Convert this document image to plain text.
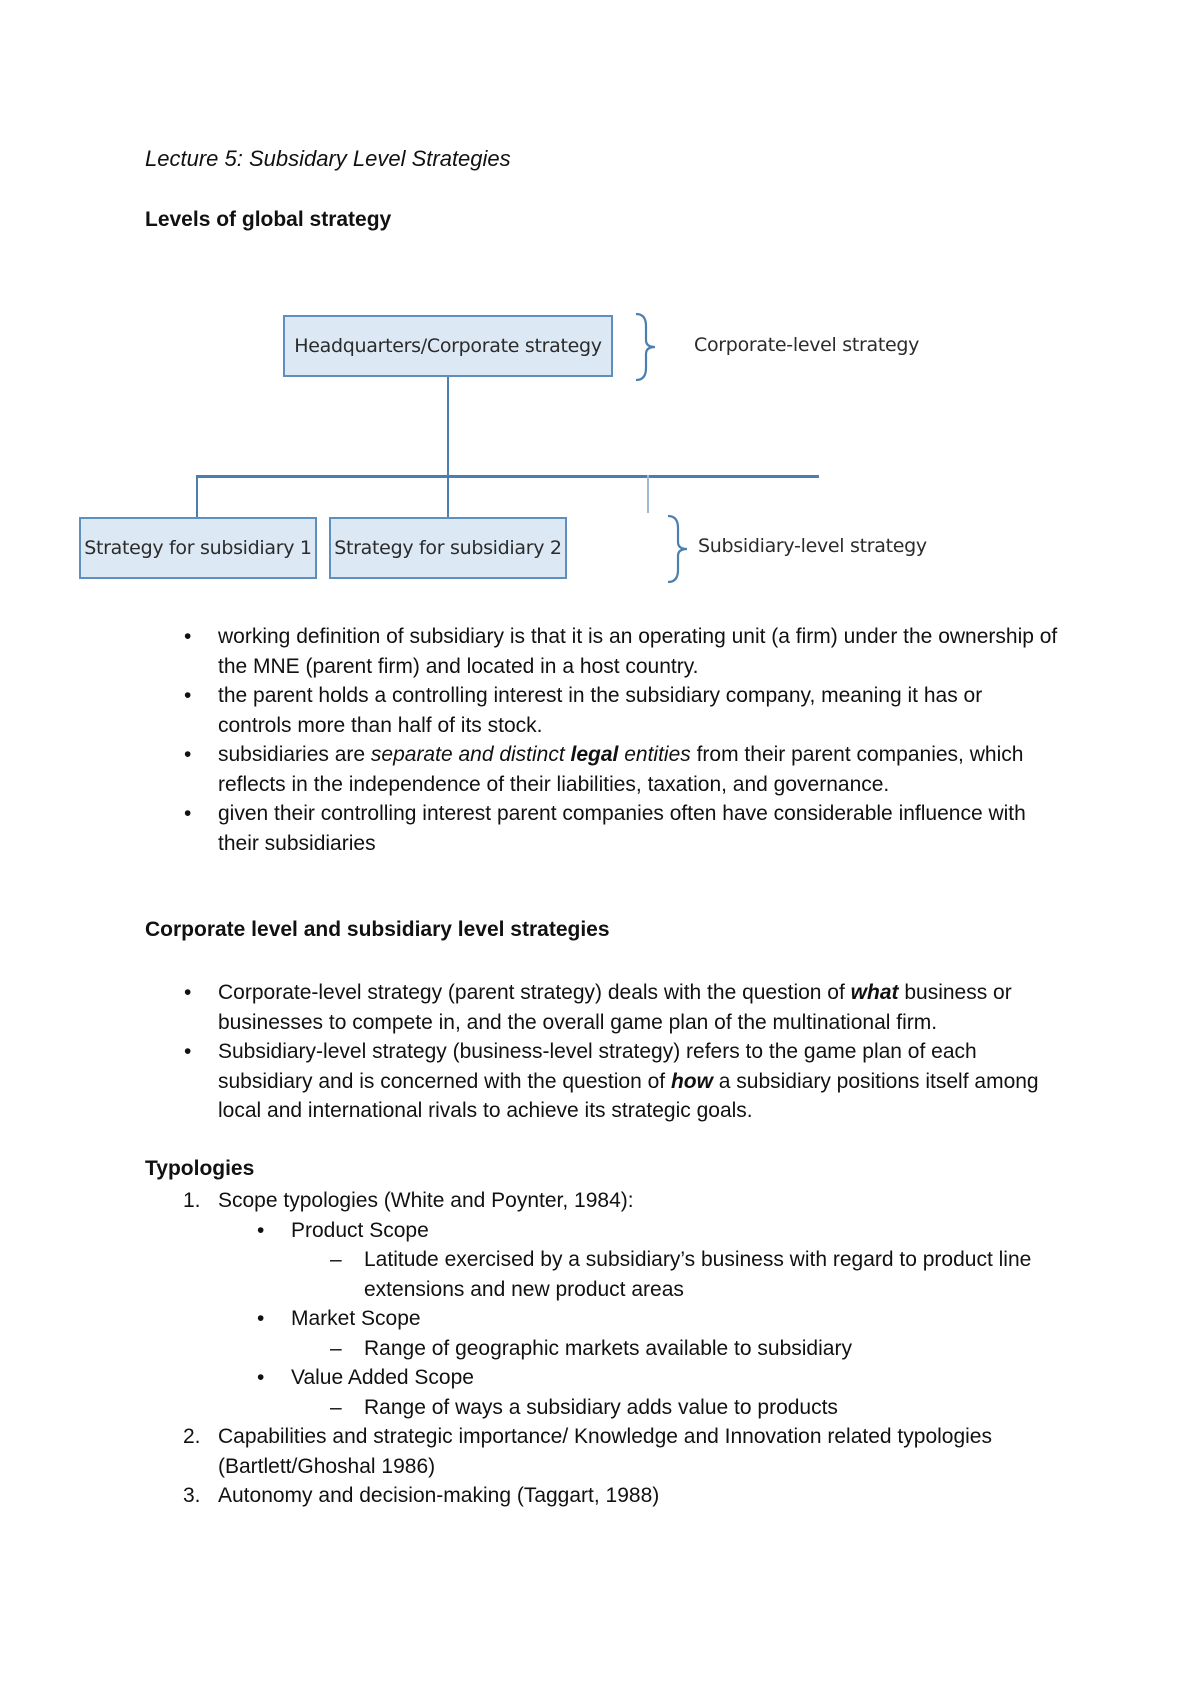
Lecture 5: Subsidary Level Strategies
Levels of global strategy
Headquarters/Corporate strategy	Corporate-level strategy
Strategy for subsidiary 1 Strategy for subsidiary 2	Subsidiary-level strategy
• working definition of subsidiary is that it is an operating unit (a firm) under the ownership of the MNE (parent firm) and located in a host country.
• the parent holds a controlling interest in the subsidiary company, meaning it has or controls more than half of its stock.
• subsidiaries are separate and distinct legal entities from their parent companies, which reflects in the independence of their liabilities, taxation, and governance.
• given their controlling interest parent companies often have considerable influence with their subsidiaries
Corporate level and subsidiary level strategies
• Corporate-level strategy (parent strategy) deals with the question of what business or businesses to compete in, and the overall game plan of the multinational firm.
• Subsidiary-level strategy (business-level strategy) refers to the game plan of each subsidiary and is concerned with the question of how a subsidiary positions itself among local and international rivals to achieve its strategic goals.
Typologies
1. Scope typologies (White and Poynter, 1984):
• Product Scope
– Latitude exercised by a subsidiary’s business with regard to product line extensions and new product areas
• Market Scope
– Range of geographic markets available to subsidiary
• Value Added Scope
– Range of ways a subsidiary adds value to products
2. Capabilities and strategic importance/ Knowledge and Innovation related typologies (Bartlett/Ghoshal 1986)
3. Autonomy and decision-making (Taggart, 1988)
